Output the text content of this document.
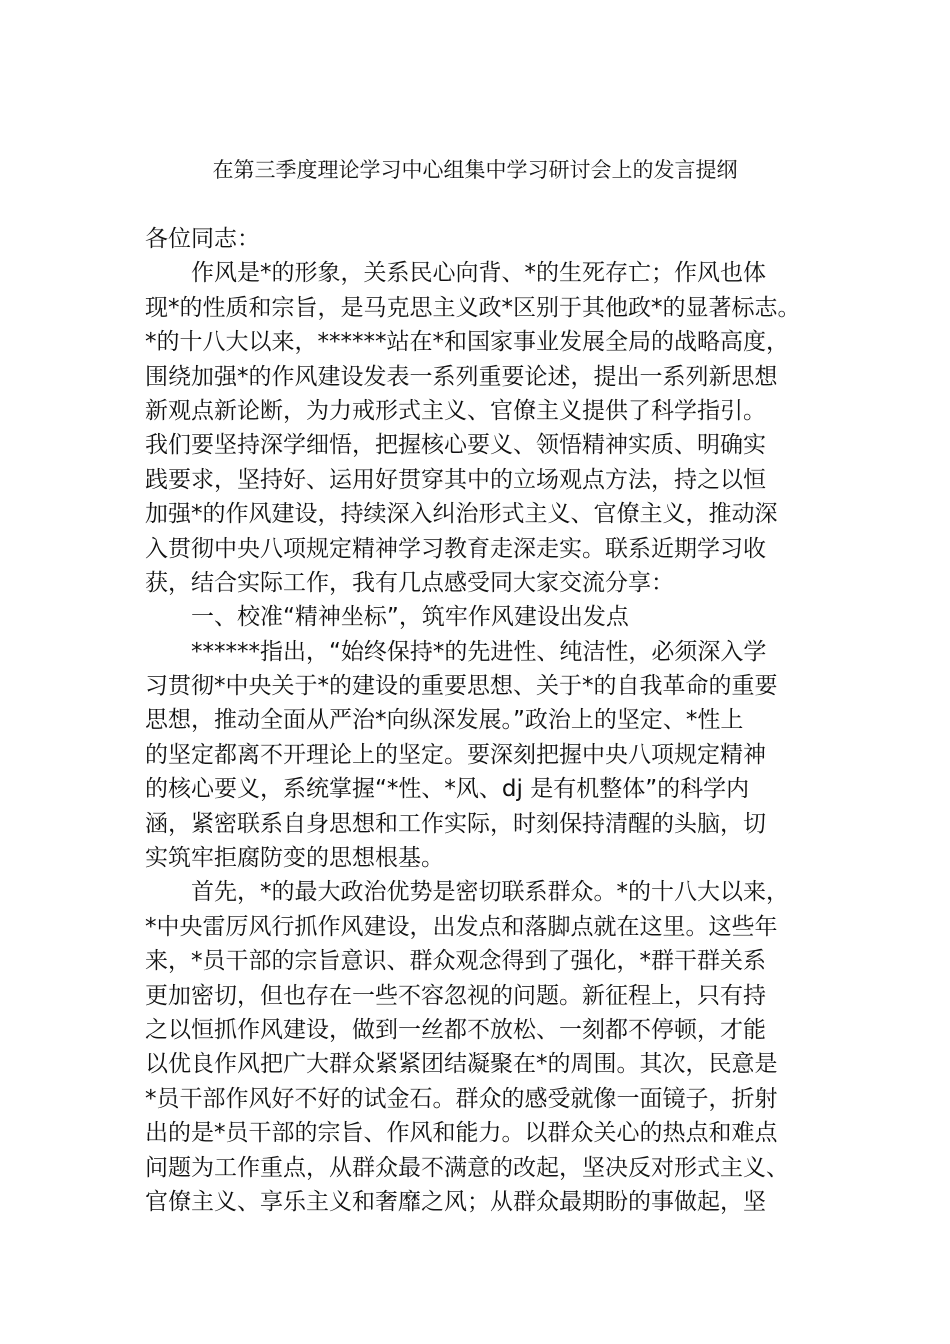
在第三季度理论学习中心组集中学习研讨会上的发言提纲

各位同志：

作风是*的形象，关系民心向背、*的生死存亡；作风也体

现*的性质和宗旨，是马克思主义政*区别于其他政*的显著标志。

*的十八大以来，******站在*和国家事业发展全局的战略高度，

围绕加强*的作风建设发表一系列重要论述，提出一系列新思想

新观点新论断，为力戒形式主义、官僚主义提供了科学指引。

我们要坚持深学细悟，把握核心要义、领悟精神实质、明确实

践要求，坚持好、运用好贯穿其中的立场观点方法，持之以恒

加强*的作风建设，持续深入纠治形式主义、官僚主义，推动深

入贯彻中央八项规定精神学习教育走深走实。联系近期学习收

获，结合实际工作，我有几点感受同大家交流分享：

一、校准“精神坐标”，筑牢作风建设出发点

******指出，“始终保持*的先进性、纯洁性，必须深入学

习贯彻*中央关于*的建设的重要思想、关于*的自我革命的重要

思想，推动全面从严治*向纵深发展。”政治上的坚定、*性上

的坚定都离不开理论上的坚定。要深刻把握中央八项规定精神

的核心要义，系统掌握“*性、*风、dj 是有机整体”的科学内

涵，紧密联系自身思想和工作实际，时刻保持清醒的头脑，切

实筑牢拒腐防变的思想根基。

首先，*的最大政治优势是密切联系群众。*的十八大以来，

*中央雷厉风行抓作风建设，出发点和落脚点就在这里。这些年

来，*员干部的宗旨意识、群众观念得到了强化，*群干群关系

更加密切，但也存在一些不容忽视的问题。新征程上，只有持

之以恒抓作风建设，做到一丝都不放松、一刻都不停顿，才能

以优良作风把广大群众紧紧团结凝聚在*的周围。其次，民意是

*员干部作风好不好的试金石。群众的感受就像一面镜子，折射

出的是*员干部的宗旨、作风和能力。以群众关心的热点和难点

问题为工作重点，从群众最不满意的改起，坚决反对形式主义、

官僚主义、享乐主义和奢靡之风；从群众最期盼的事做起，坚
